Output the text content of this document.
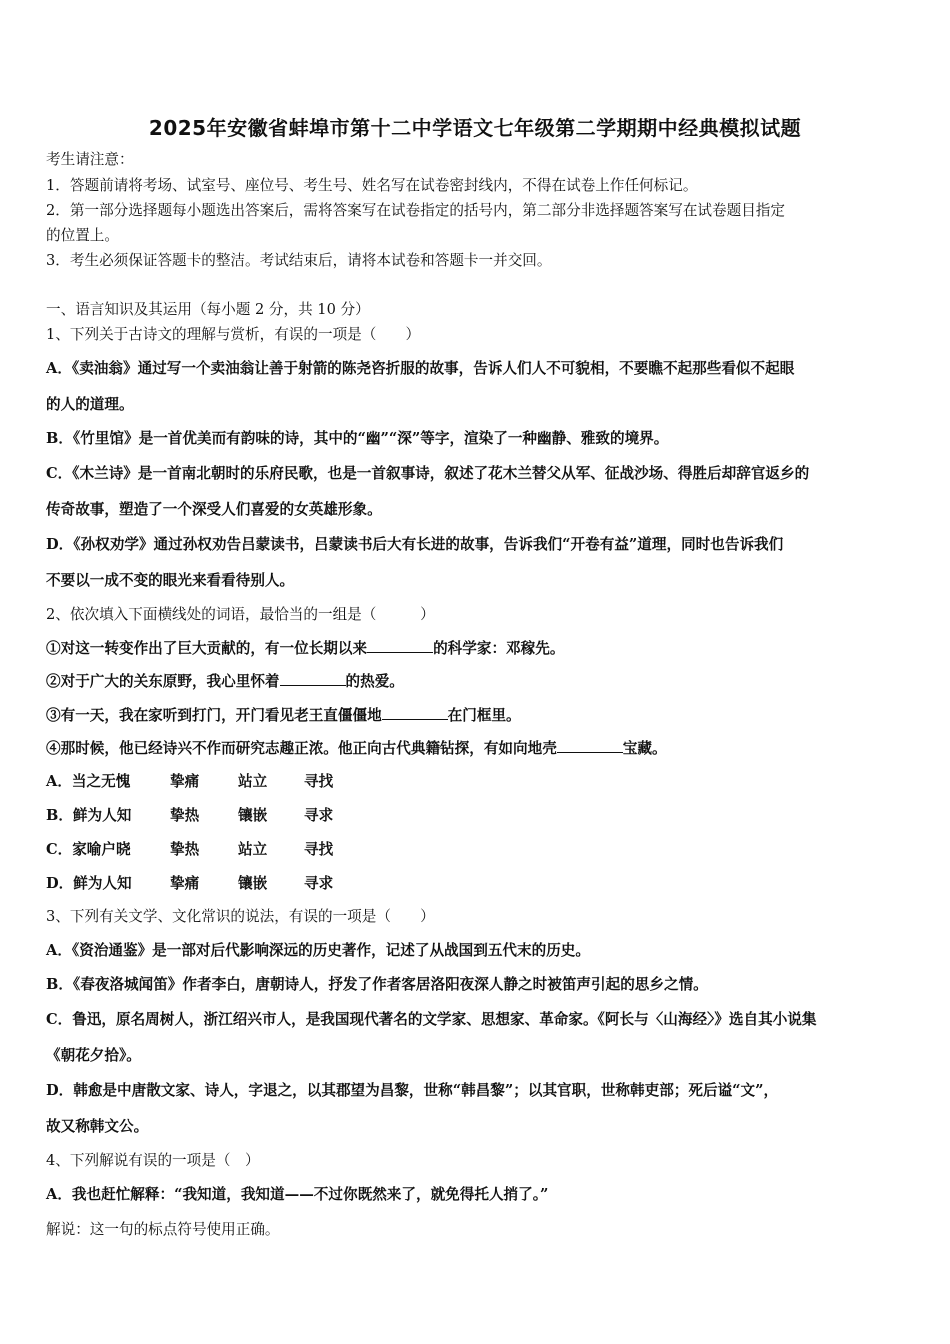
2025年安徽省蚌埠市第十二中学语文七年级第二学期期中经典模拟试题
考生请注意：
1．答题前请将考场、试室号、座位号、考生号、姓名写在试卷密封线内，不得在试卷上作任何标记。
2．第一部分选择题每小题选出答案后，需将答案写在试卷指定的括号内，第二部分非选择题答案写在试卷题目指定
的位置上。
3．考生必须保证答题卡的整洁。考试结束后，请将本试卷和答题卡一并交回。
一、语言知识及其运用（每小题 2 分，共 10 分）
1、下列关于古诗文的理解与赏析，有误的一项是（　　）
A．《卖油翁》通过写一个卖油翁让善于射箭的陈尧咨折服的故事，告诉人们人不可貌相，不要瞧不起那些看似不起眼
的人的道理。
B．《竹里馆》是一首优美而有韵味的诗，其中的“幽”“深”等字，渲染了一种幽静、雅致的境界。
C．《木兰诗》是一首南北朝时的乐府民歌，也是一首叙事诗，叙述了花木兰替父从军、征战沙场、得胜后却辞官返乡的
传奇故事，塑造了一个深受人们喜爱的女英雄形象。
D．《孙权劝学》通过孙权劝告吕蒙读书，吕蒙读书后大有长进的故事，告诉我们“开卷有益”道理，同时也告诉我们
不要以一成不变的眼光来看看待别人。
2、依次填入下面横线处的词语，最恰当的一组是（　　　）
①对这一转变作出了巨大贡献的，有一位长期以来	的科学家：邓稼先。
②对于广大的关东原野，我心里怀着	的热爱。
③有一天，我在家听到打门，开门看见老王直僵僵地	在门框里。
④那时候，他已经诗兴不作而研究志趣正浓。他正向古代典籍钻探，有如向地壳	宝藏。
A．当之无愧	挚痛	站立	寻找
B．鲜为人知	挚热	镶嵌	寻求
C．家喻户晓	挚热	站立	寻找
D．鲜为人知	挚痛	镶嵌	寻求
3、下列有关文学、文化常识的说法，有误的一项是（　　）
A．《资治通鉴》是一部对后代影响深远的历史著作，记述了从战国到五代末的历史。
B．《春夜洛城闻笛》作者李白，唐朝诗人，抒发了作者客居洛阳夜深人静之时被笛声引起的思乡之情。
C．鲁迅，原名周树人，浙江绍兴市人，是我国现代著名的文学家、思想家、革命家。《阿长与〈山海经〉》选自其小说集
《朝花夕拾》。
D．韩愈是中唐散文家、诗人，字退之，以其郡望为昌黎，世称“韩昌黎”；以其官职，世称韩吏部；死后谥“文”，
故又称韩文公。
4、下列解说有误的一项是（　）
A．我也赶忙解释：“我知道，我知道——不过你既然来了，就免得托人捎了。”
解说：这一句的标点符号使用正确。
